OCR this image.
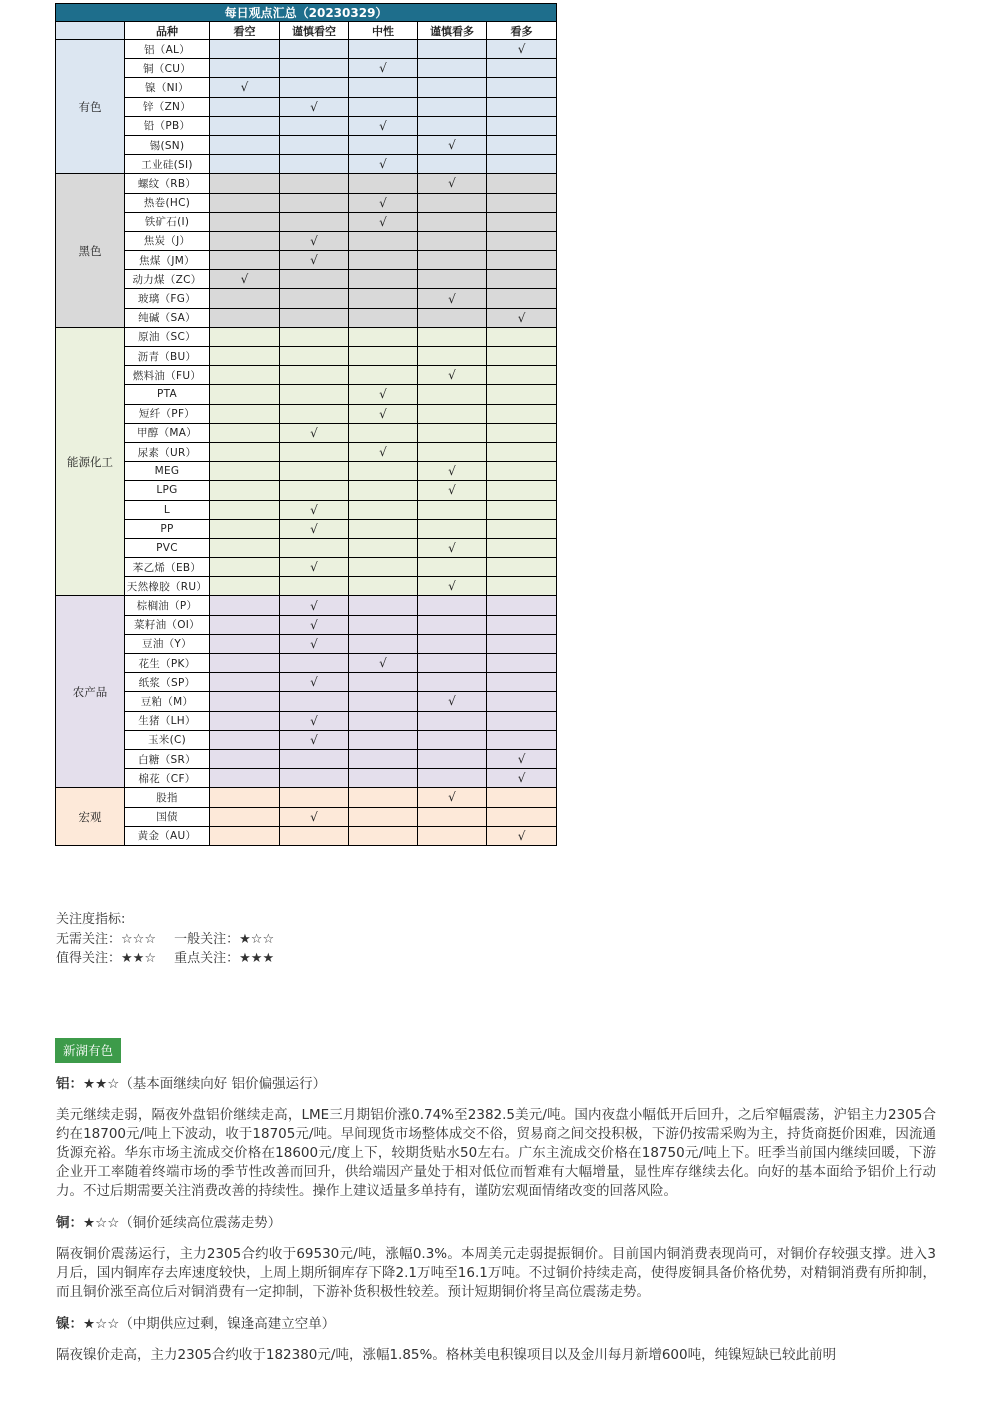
每日观点汇总（20230329）						
	品种	看空	谨慎看空	中性	谨慎看多	看多
有色	铝（AL）					√
	铜（CU）			√		
	镍（NI）	√				
	锌（ZN）		√			
	铅（PB）			√		
	锡(SN)				√	
	工业硅(SI)			√		
黑色	螺纹（RB）				√	
	热卷(HC)			√		
	铁矿石(I)			√		
	焦炭（J）		√			
	焦煤（JM）		√			
	动力煤（ZC）	√				
	玻璃（FG）				√	
	纯碱（SA）					√
能源化工	原油（SC）					
	沥青（BU）					
	燃料油（FU）				√	
	PTA			√		
	短纤（PF）			√		
	甲醇（MA）		√			
	尿素（UR）			√		
	MEG				√	
	LPG				√	
	L		√			
	PP		√			
	PVC				√	
	苯乙烯（EB）		√			
	天然橡胶（RU）				√	
农产品	棕榈油（P）		√			
	菜籽油（OI）		√			
	豆油（Y）		√			
	花生（PK）			√		
	纸浆（SP）		√			
	豆粕（M）				√	
	生猪（LH）		√			
	玉米(C)		√			
	白糖（SR）					√
	棉花（CF）					√
宏观	股指				√	
	国债		√			
	黄金（AU）					√
关注度指标:
无需关注：☆☆☆ 一般关注：★☆☆
值得关注：★★☆ 重点关注：★★★
新湖有色
铝：★★☆（基本面继续向好 铝价偏强运行）
美元继续走弱，隔夜外盘铝价继续走高，LME三月期铝价涨0.74%至2382.5美元/吨。国内夜盘小幅低开后回升，之后窄幅震荡，沪铝主力2305合约在18700元/吨上下波动，收于18705元/吨。早间现货市场整体成交不俗，贸易商之间交投积极，下游仍按需采购为主，持货商挺价困难，因流通货源充裕。华东市场主流成交价格在18600元/度上下，较期货贴水50左右。广东主流成交价格在18750元/吨上下。旺季当前国内继续回暖，下游企业开工率随着终端市场的季节性改善而回升，供给端因产量处于相对低位而暂难有大幅增量，显性库存继续去化。向好的基本面给予铝价上行动力。不过后期需要关注消费改善的持续性。操作上建议适量多单持有，谨防宏观面情绪改变的回落风险。
铜：★☆☆（铜价延续高位震荡走势）
隔夜铜价震荡运行，主力2305合约收于69530元/吨，涨幅0.3%。本周美元走弱提振铜价。目前国内铜消费表现尚可，对铜价存较强支撑。进入3月后，国内铜库存去库速度较快，上周上期所铜库存下降2.1万吨至16.1万吨。不过铜价持续走高，使得废铜具备价格优势，对精铜消费有所抑制，而且铜价涨至高位后对铜消费有一定抑制，下游补货积极性较差。预计短期铜价将呈高位震荡走势。
镍：★☆☆（中期供应过剩，镍逢高建立空单）
隔夜镍价走高，主力2305合约收于182380元/吨，涨幅1.85%。格林美电积镍项目以及金川每月新增600吨，纯镍短缺已较此前明
